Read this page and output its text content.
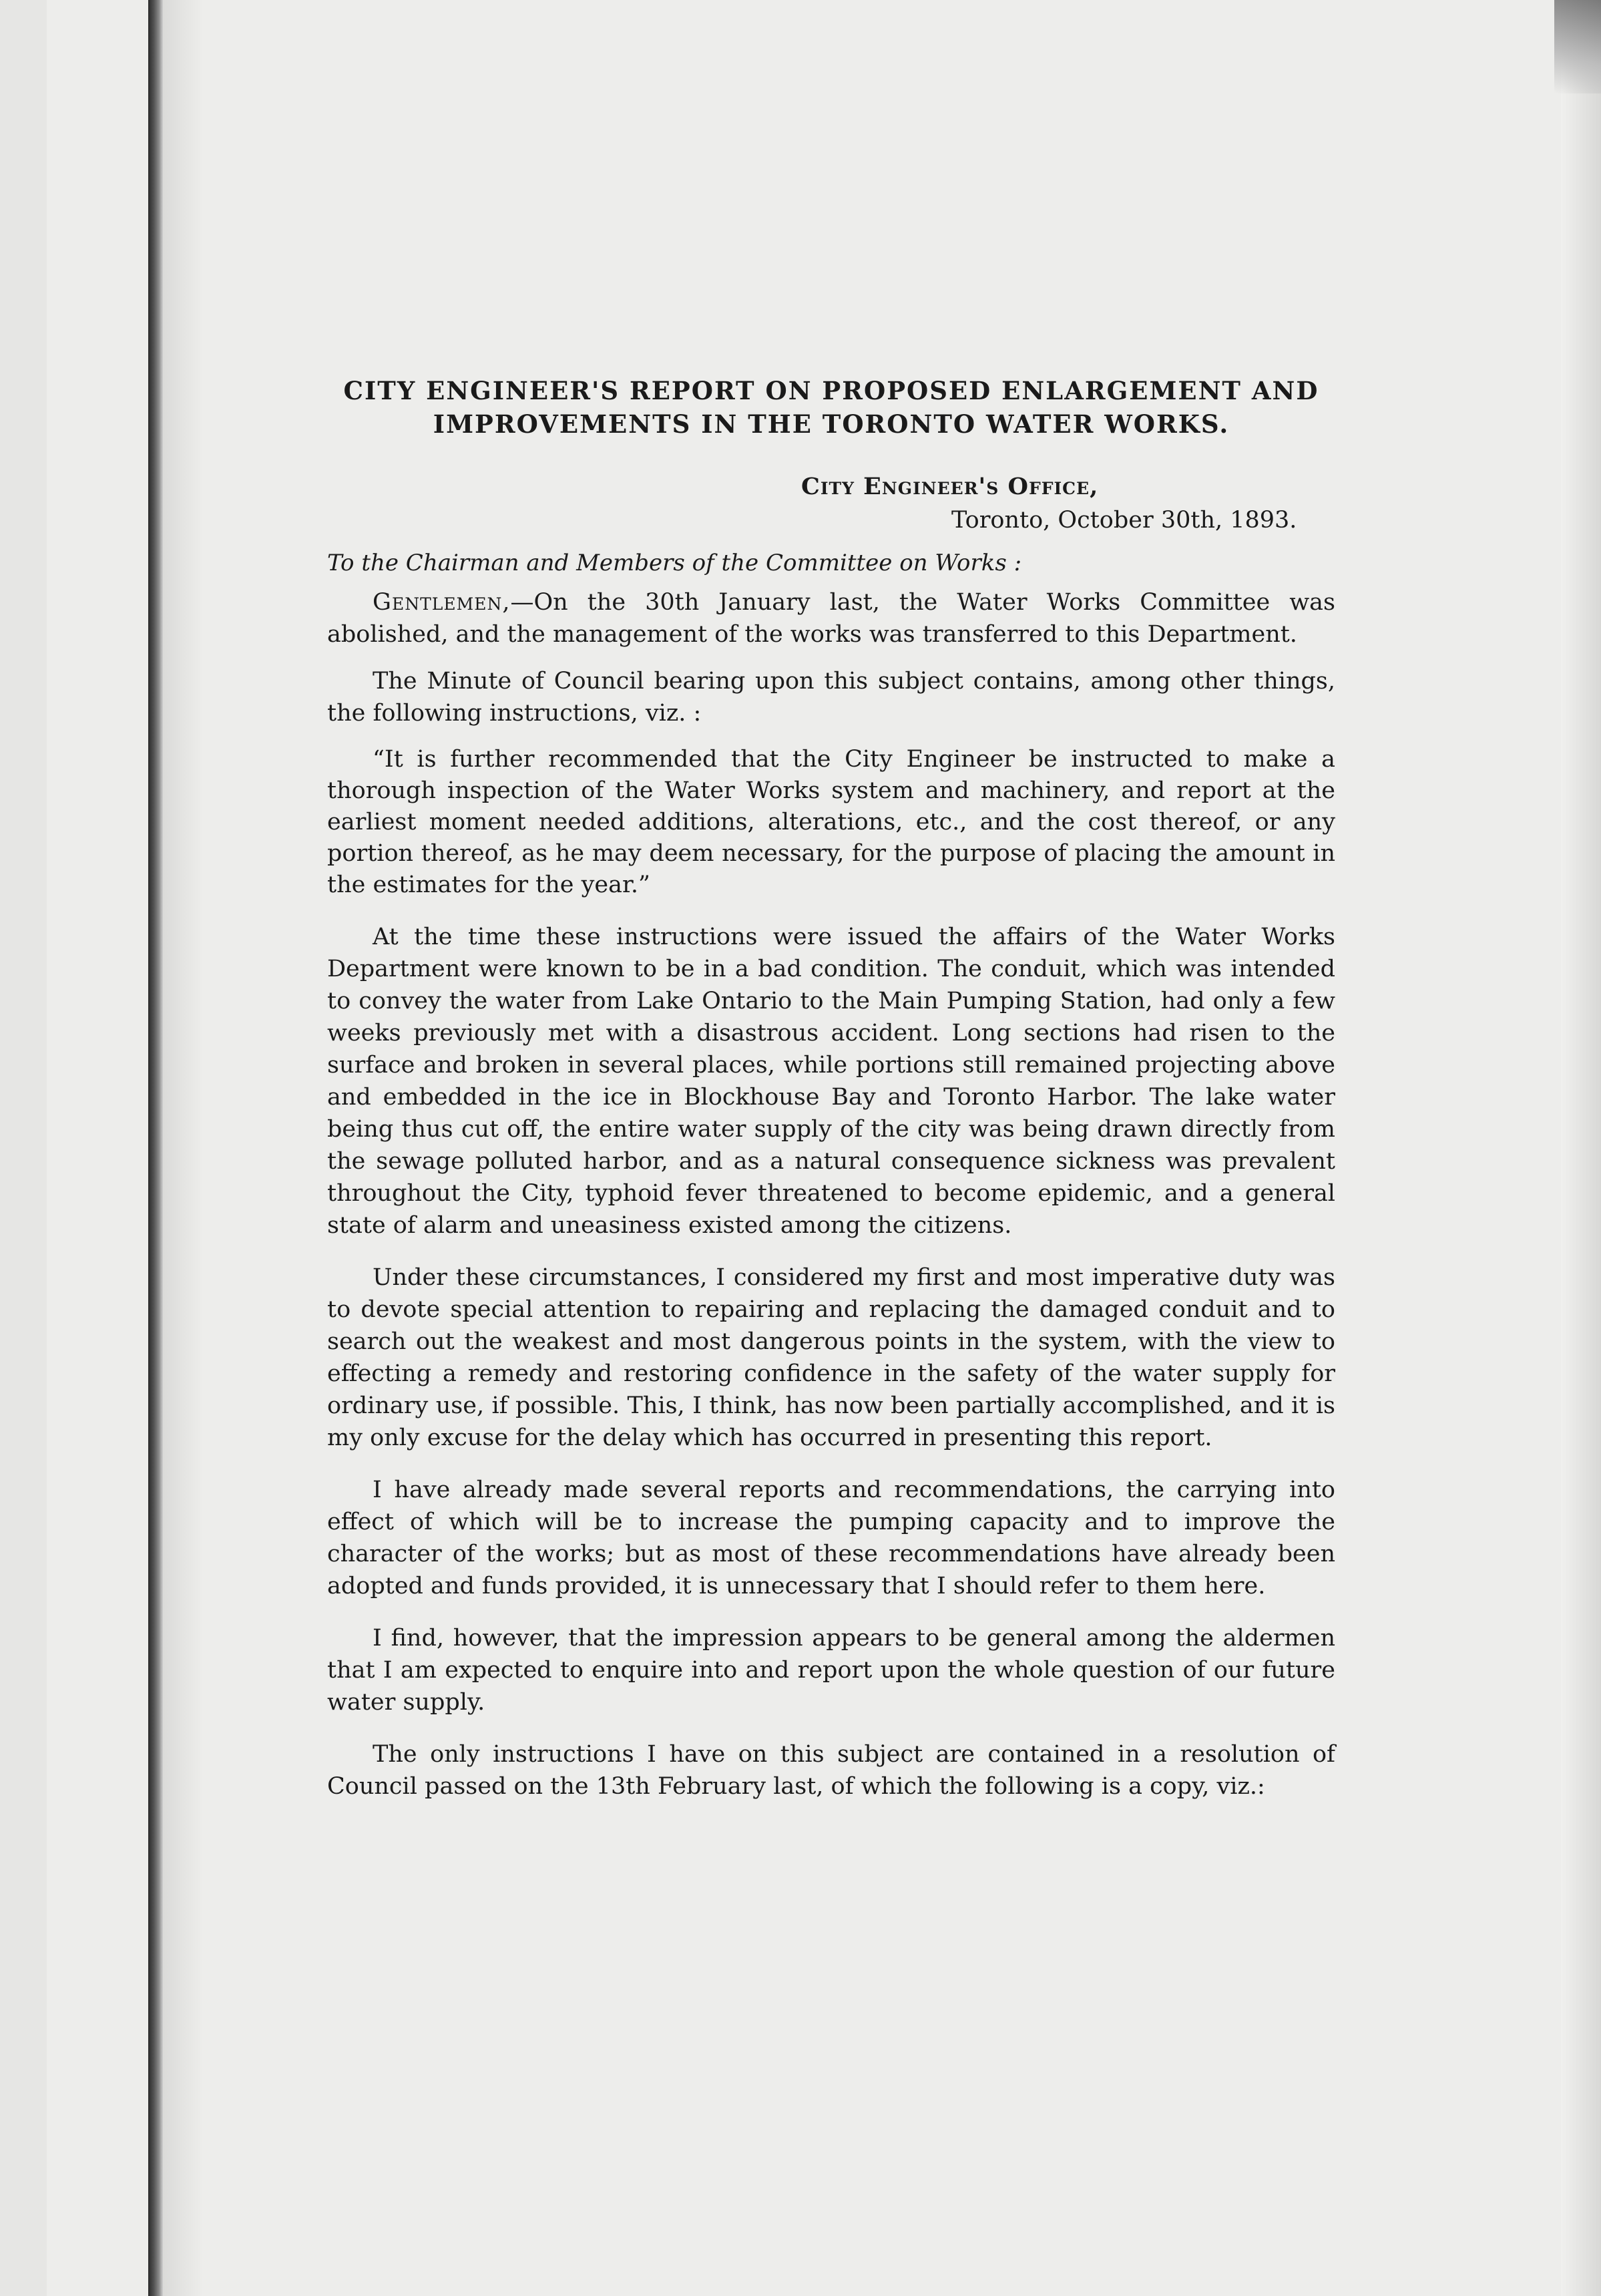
CITY ENGINEER'S REPORT ON PROPOSED ENLARGEMENT AND
IMPROVEMENTS IN THE TORONTO WATER WORKS.
City Engineer's Office,
Toronto, October 30th, 1893.
To the Chairman and Members of the Committee on Works :

Gentlemen,—On the 30th January last, the Water Works Committee was abolished, and the management of the works was transferred to this Department.

The Minute of Council bearing upon this subject contains, among other things, the following instructions, viz. :

“It is further recommended that the City Engineer be instructed to make a thorough inspection of the Water Works system and machinery, and report at the earliest moment needed additions, alterations, etc., and the cost thereof, or any portion thereof, as he may deem necessary, for the purpose of placing the amount in the estimates for the year.”

At the time these instructions were issued the affairs of the Water Works Department were known to be in a bad condition. The conduit, which was intended to convey the water from Lake Ontario to the Main Pumping Station, had only a few weeks previously met with a disastrous accident. Long sections had risen to the surface and broken in several places, while portions still remained projecting above and embedded in the ice in Blockhouse Bay and Toronto Harbor. The lake water being thus cut off, the entire water supply of the city was being drawn directly from the sewage polluted harbor, and as a natural consequence sickness was prevalent throughout the City, typhoid fever threatened to become epidemic, and a general state of alarm and uneasiness existed among the citizens.

Under these circumstances, I considered my first and most imperative duty was to devote special attention to repairing and replacing the damaged conduit and to search out the weakest and most dangerous points in the system, with the view to effecting a remedy and restoring confidence in the safety of the water supply for ordinary use, if possible. This, I think, has now been partially accomplished, and it is my only excuse for the delay which has occurred in presenting this report.

I have already made several reports and recommendations, the carrying into effect of which will be to increase the pumping capacity and to improve the character of the works; but as most of these recommendations have already been adopted and funds provided, it is unnecessary that I should refer to them here.

I find, however, that the impression appears to be general among the aldermen that I am expected to enquire into and report upon the whole question of our future water supply.

The only instructions I have on this subject are contained in a resolution of Council passed on the 13th February last, of which the following is a copy, viz.:
